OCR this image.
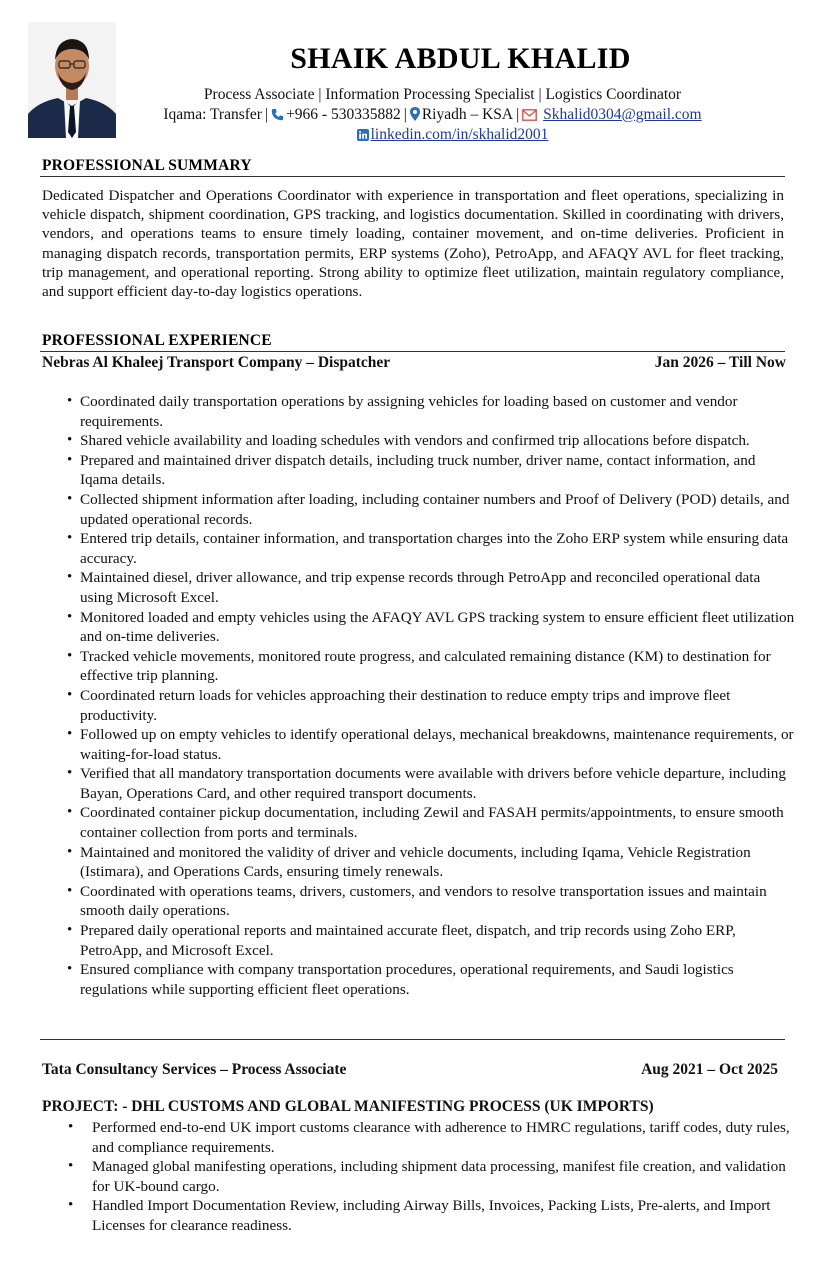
SHAIK ABDUL KHALID
Process Associate | Information Processing Specialist | Logistics Coordinator
Iqama: Transfer | +966 - 530335882 | Riyadh – KSA | Skhalid0304@gmail.com
linkedin.com/in/skhalid2001
PROFESSIONAL SUMMARY

Dedicated Dispatcher and Operations Coordinator with experience in transportation and fleet operations, specializing in vehicle dispatch, shipment coordination, GPS tracking, and logistics documentation. Skilled in coordinating with drivers, vendors, and operations teams to ensure timely loading, container movement, and on-time deliveries. Proficient in managing dispatch records, transportation permits, ERP systems (Zoho), PetroApp, and AFAQY AVL for fleet tracking, trip management, and operational reporting. Strong ability to optimize fleet utilization, maintain regulatory compliance, and support efficient day-to-day logistics operations.

PROFESSIONAL EXPERIENCE
Nebras Al Khaleej Transport Company – Dispatcher	Jan 2026 – Till Now
• Coordinated daily transportation operations by assigning vehicles for loading based on customer and vendor requirements.
• Shared vehicle availability and loading schedules with vendors and confirmed trip allocations before dispatch.
• Prepared and maintained driver dispatch details, including truck number, driver name, contact information, and Iqama details.
• Collected shipment information after loading, including container numbers and Proof of Delivery (POD) details, and updated operational records.
• Entered trip details, container information, and transportation charges into the Zoho ERP system while ensuring data accuracy.
• Maintained diesel, driver allowance, and trip expense records through PetroApp and reconciled operational data using Microsoft Excel.
• Monitored loaded and empty vehicles using the AFAQY AVL GPS tracking system to ensure efficient fleet utilization and on-time deliveries.
• Tracked vehicle movements, monitored route progress, and calculated remaining distance (KM) to destination for effective trip planning.
• Coordinated return loads for vehicles approaching their destination to reduce empty trips and improve fleet productivity.
• Followed up on empty vehicles to identify operational delays, mechanical breakdowns, maintenance requirements, or waiting-for-load status.
• Verified that all mandatory transportation documents were available with drivers before vehicle departure, including Bayan, Operations Card, and other required transport documents.
• Coordinated container pickup documentation, including Zewil and FASAH permits/appointments, to ensure smooth container collection from ports and terminals.
• Maintained and monitored the validity of driver and vehicle documents, including Iqama, Vehicle Registration (Istimara), and Operations Cards, ensuring timely renewals.
• Coordinated with operations teams, drivers, customers, and vendors to resolve transportation issues and maintain smooth daily operations.
• Prepared daily operational reports and maintained accurate fleet, dispatch, and trip records using Zoho ERP, PetroApp, and Microsoft Excel.
• Ensured compliance with company transportation procedures, operational requirements, and Saudi logistics regulations while supporting efficient fleet operations.
Tata Consultancy Services – Process Associate	Aug 2021 – Oct 2025
PROJECT: - DHL CUSTOMS AND GLOBAL MANIFESTING PROCESS (UK IMPORTS)
• Performed end-to-end UK import customs clearance with adherence to HMRC regulations, tariff codes, duty rules, and compliance requirements.
• Managed global manifesting operations, including shipment data processing, manifest file creation, and validation for UK-bound cargo.
• Handled Import Documentation Review, including Airway Bills, Invoices, Packing Lists, Pre-alerts, and Import Licenses for clearance readiness.
